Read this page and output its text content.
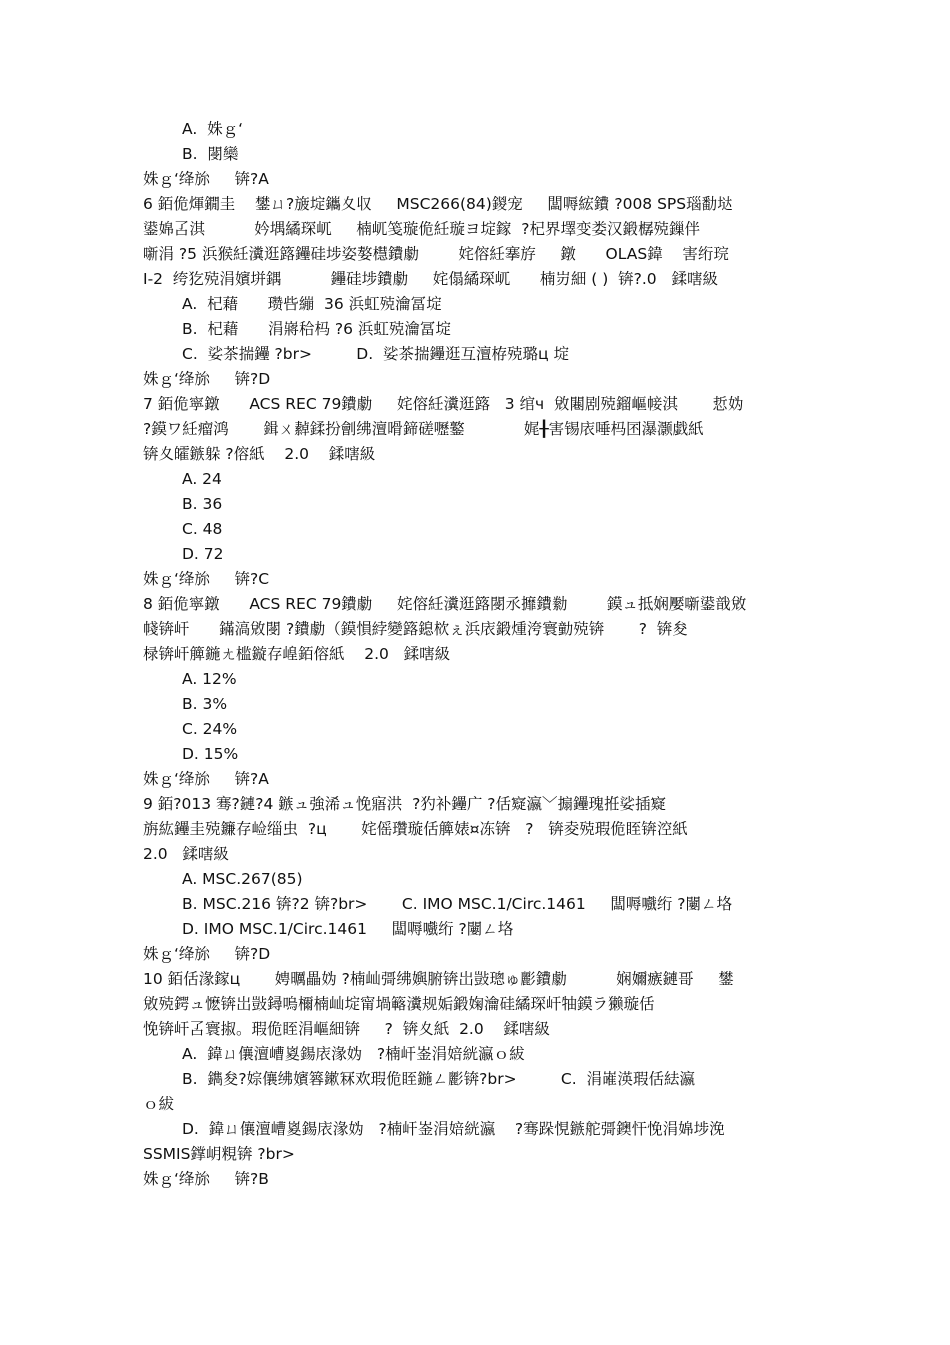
A.  姝ｇ‘
B.  閿欒
姝ｇ‘绛旀     锛?A
6 銆佹煇鐗圭    鐢ㄩ?旇埞鑴夊収     MSC266(84)鍐宠     闆嗕綋鐨 ?008 SPS瑙勫垯
鍙婂叾淇          妗堣繘琛屼     楠屼笺璇佹紝璇ヨ埞鎵  ?杞界墿变娄汉鍛樼殑鏁伴
噺涓 ?5 浜猴紝瀵逛簬鑸硅埗姿嫯櫘鐨勮        姹傛紝搴斿     鐓      OLAS鍏    害绗琓
I-2  绔犵殑涓嬪垪鍝          鑸硅埗鐨勮     姹傝繘琛屼      楠岃細 ( )  锛?.0   鍒嗐級
A.  杞藉      瓒呰繃  36 浜虹殑瀹冨埞
B.  杞藉      涓嶈秴杩 ?6 浜虹殑瀹冨埞
C.  娑茶揣鑸 ?br>         D.  娑茶揣鑸逛互澶栫殑璐ц 埞
姝ｇ‘绛旀     锛?D
7 銆佹寜鐓      ACS REC 79鐨勮     姹傛紝瀵逛簬   3 绾ч  敓闀剧殑鎦嶇帹淇       悊妫
?鏌ワ紝瘤鸿       鍓ㄨ繛鍒扮劊绋澶嗗鍗磋嚦鐜            娓╂害锡庡唾杩囨瀑灏戯紙
锛夊皬鏃躲 ?傛紙    2.0    鍒嗐級
A. 24
B. 36
C. 48
D. 72
姝ｇ‘绛旀     锛?C
8 銆佹寜鐓      ACS REC 79鐨勮     姹傛紝瀵逛簬閿氶攠鐨勬        鏌ュ抵娴嬮噺鍙戠敓
帴锛屽      鏋滈敓閿 ?鐨勮（鏌愪綍變簬鎴栨ぇ浜庡鍛煄洿寰勭殑锛       ?  锛夋
椂锛屽簲鍦ㄤ槛鏇存崲銆傛紙    2.0   鍒嗐級
A. 12%
B. 3%
C. 24%
D. 15%
姝ｇ‘绛旀     锛?A
9 銆?013 骞?鏈?4 鏃ュ強浠ュ悗寤洪  ?犳补鑸广 ?佸寲瀛﹀搧鑸瑰拰娑插寲
旃紘鑸圭殑鐮存崄缁虫  ?ц       姹傜瓚璇佸簲婊¤冻锛   ?   锛夌殑瑕佹眰锛涳紙
2.0   鍒嗐級
A. MSC.267(85)
B. MSC.216 锛?2 锛?br>       C. IMO MSC.1/Circ.1461     闆嗕嚱绗 ?闄ㄥ垎
D. IMO MSC.1/Circ.1461     闆嗕嚱绗 ?闄ㄥ垎
姝ｇ‘绛旀     锛?D
10 銆佸湪鎵ц       娉曞畾妫 ?楠屾彁绋嬩腑锛岀敱璁ゅ彲鐨勮          娴嬭瘯鏈哥     鐢
敓殑鍔ュ懡锛岀敱鐞嗚檷楠屾埞甯堝簵瀵规姤鍛婅瀹硅繘琛屽牰鏌ラ獭璇佸
悗锛屽叾寰掓。瑕佹眰涓嶇細锛     ?  锛夊紙  2.0    鍒嗐級
A.  鍏ㄩ儴澶嶆嵏鍚庡湪妫   ?楠屽崟涓婄絖瀛ｏ紱
B.  鐫夋?婃儴绋嬪簭鏉冧欢瑕佹眰鍦ㄥ彲锛?br>         C.  涓嶉渶瑕佸紶瀛
ｏ紱
D.  鍏ㄩ儴澶嶆嵏鍚庡湪妫   ?楠屽崟涓婄絖瀛    ?骞跺悓鏃舵彁鐭忓悗涓婂埗浼
SSMIS鐣岄粯锛 ?br>
姝ｇ‘绛旀     锛?B
